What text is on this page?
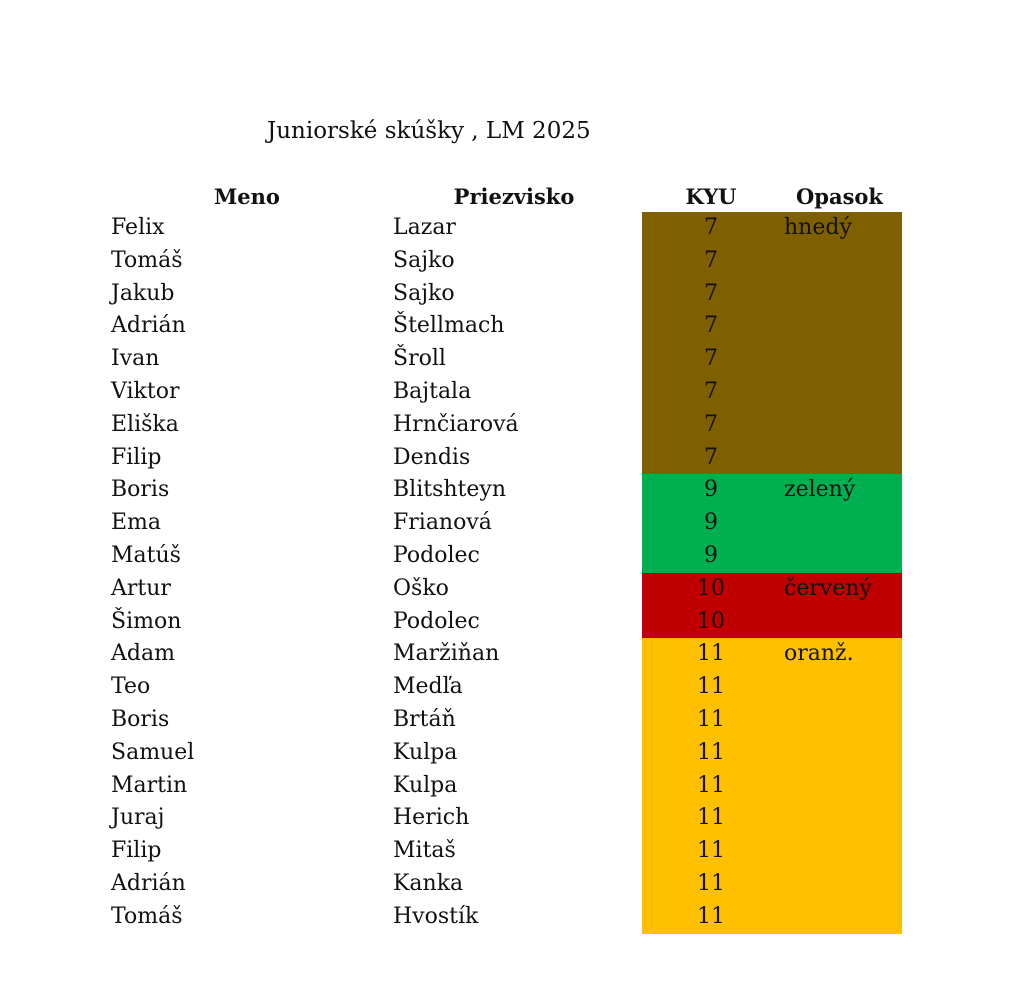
Juniorské skúšky , LM 2025
Meno	Priezvisko	KYU	Opasok
Felix	Lazar	7	hnedý
Tomáš	Sajko	7
Jakub	Sajko	7
Adrián	Štellmach	7
Ivan	Šroll	7
Viktor	Bajtala	7
Eliška	Hrnčiarová	7
Filip	Dendis	7
Boris	Blitshteyn	9	zelený
Ema	Frianová	9
Matúš	Podolec	9
Artur	Oško	10	červený
Šimon	Podolec	10
Adam	Maržiňan	11	oranž.
Teo	Medľa	11
Boris	Brtáň	11
Samuel	Kulpa	11
Martin	Kulpa	11
Juraj	Herich	11
Filip	Mitaš	11
Adrián	Kanka	11
Tomáš	Hvostík	11
